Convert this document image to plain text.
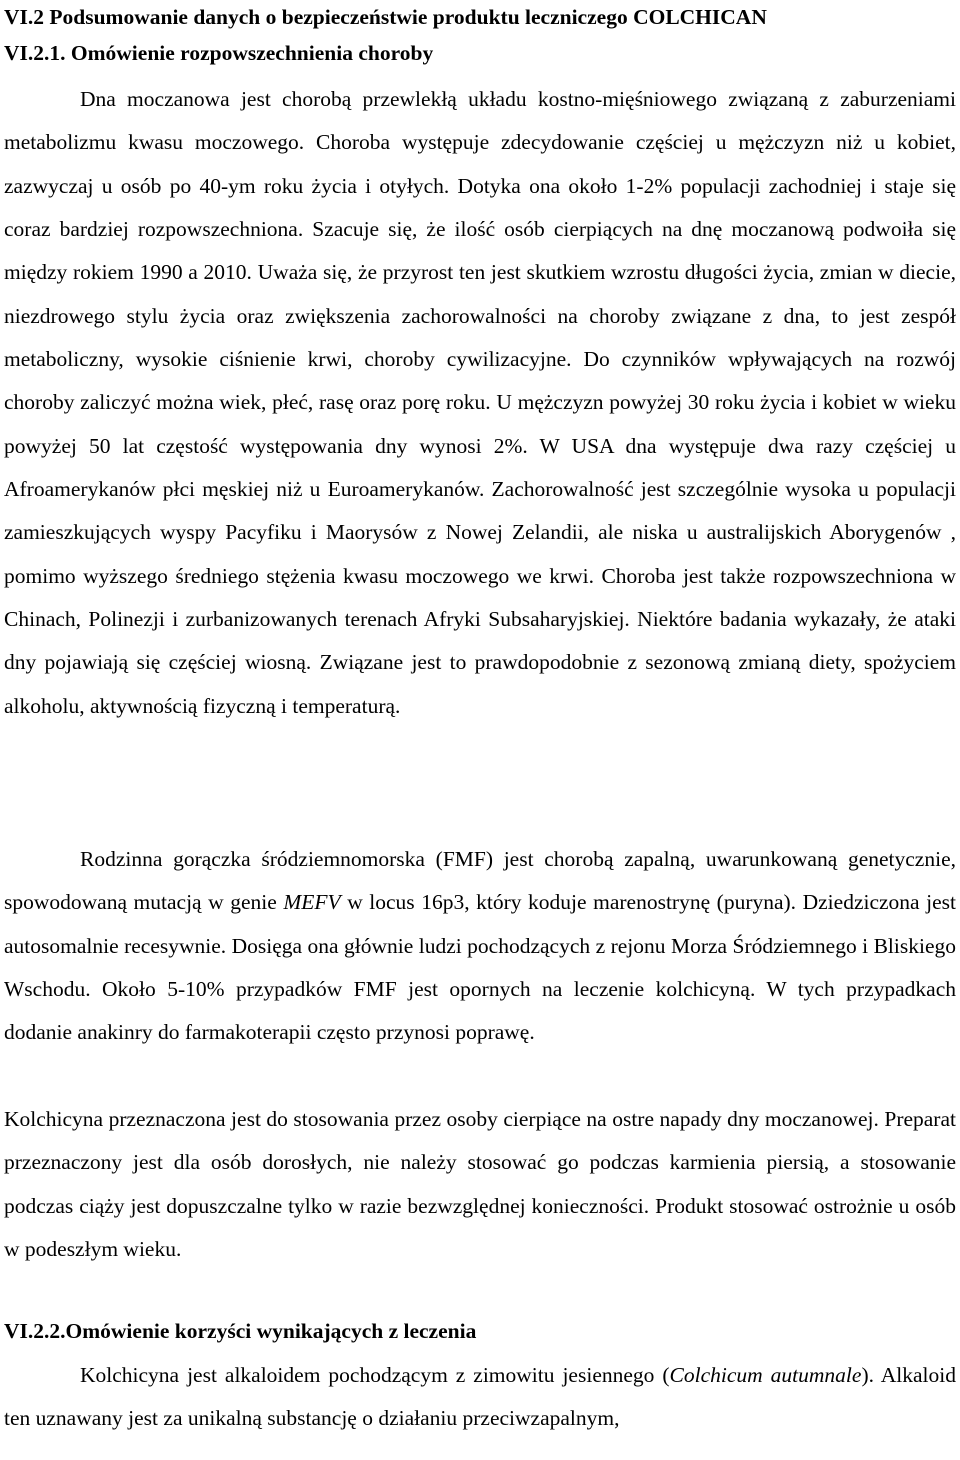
VI.2 Podsumowanie danych o bezpieczeństwie produktu leczniczego COLCHICAN
VI.2.1. Omówienie rozpowszechnienia choroby

Dna moczanowa jest chorobą przewlekłą układu kostno-mięśniowego związaną z zaburzeniami metabolizmu kwasu moczowego. Choroba występuje zdecydowanie częściej u mężczyzn niż u kobiet, zazwyczaj u osób po 40-ym roku życia i otyłych. Dotyka ona około 1-2% populacji zachodniej i staje się coraz bardziej rozpowszechniona. Szacuje się, że ilość osób cierpiących na dnę moczanową podwoiła się między rokiem 1990 a 2010. Uważa się, że przyrost ten jest skutkiem wzrostu długości życia, zmian w diecie, niezdrowego stylu życia oraz zwiększenia zachorowalności na choroby związane z dna, to jest zespół metaboliczny, wysokie ciśnienie krwi, choroby cywilizacyjne. Do czynników wpływających na rozwój choroby zaliczyć można wiek, płeć, rasę oraz porę roku. U mężczyzn powyżej 30 roku życia i kobiet w wieku powyżej 50 lat częstość występowania dny wynosi 2%. W USA dna występuje dwa razy częściej u Afroamerykanów płci męskiej niż u Euroamerykanów. Zachorowalność jest szczególnie wysoka u populacji zamieszkujących wyspy Pacyfiku i Maorysów z Nowej Zelandii, ale niska u australijskich Aborygenów , pomimo wyższego średniego stężenia kwasu moczowego we krwi. Choroba jest także rozpowszechniona w Chinach, Polinezji i zurbanizowanych terenach Afryki Subsaharyjskiej. Niektóre badania wykazały, że ataki dny pojawiają się częściej wiosną. Związane jest to prawdopodobnie z sezonową zmianą diety, spożyciem alkoholu, aktywnością fizyczną i temperaturą.

Rodzinna gorączka śródziemnomorska (FMF) jest chorobą zapalną, uwarunkowaną genetycznie, spowodowaną mutacją w genie MEFV w locus 16p3, który koduje marenostrynę (puryna). Dziedziczona jest autosomalnie recesywnie. Dosięga ona głównie ludzi pochodzących z rejonu Morza Śródziemnego i Bliskiego Wschodu. Około 5-10% przypadków FMF jest opornych na leczenie kolchicyną. W tych przypadkach dodanie anakinry do farmakoterapii często przynosi poprawę.

Kolchicyna przeznaczona jest do stosowania przez osoby cierpiące na ostre napady dny moczanowej. Preparat przeznaczony jest dla osób dorosłych, nie należy stosować go podczas karmienia piersią, a stosowanie podczas ciąży jest dopuszczalne tylko w razie bezwzględnej konieczności. Produkt stosować ostrożnie u osób w podeszłym wieku.

VI.2.2.Omówienie korzyści wynikających z leczenia

Kolchicyna jest alkaloidem pochodzącym z zimowitu jesiennego (Colchicum autumnale). Alkaloid ten uznawany jest za unikalną substancję o działaniu przeciwzapalnym,
